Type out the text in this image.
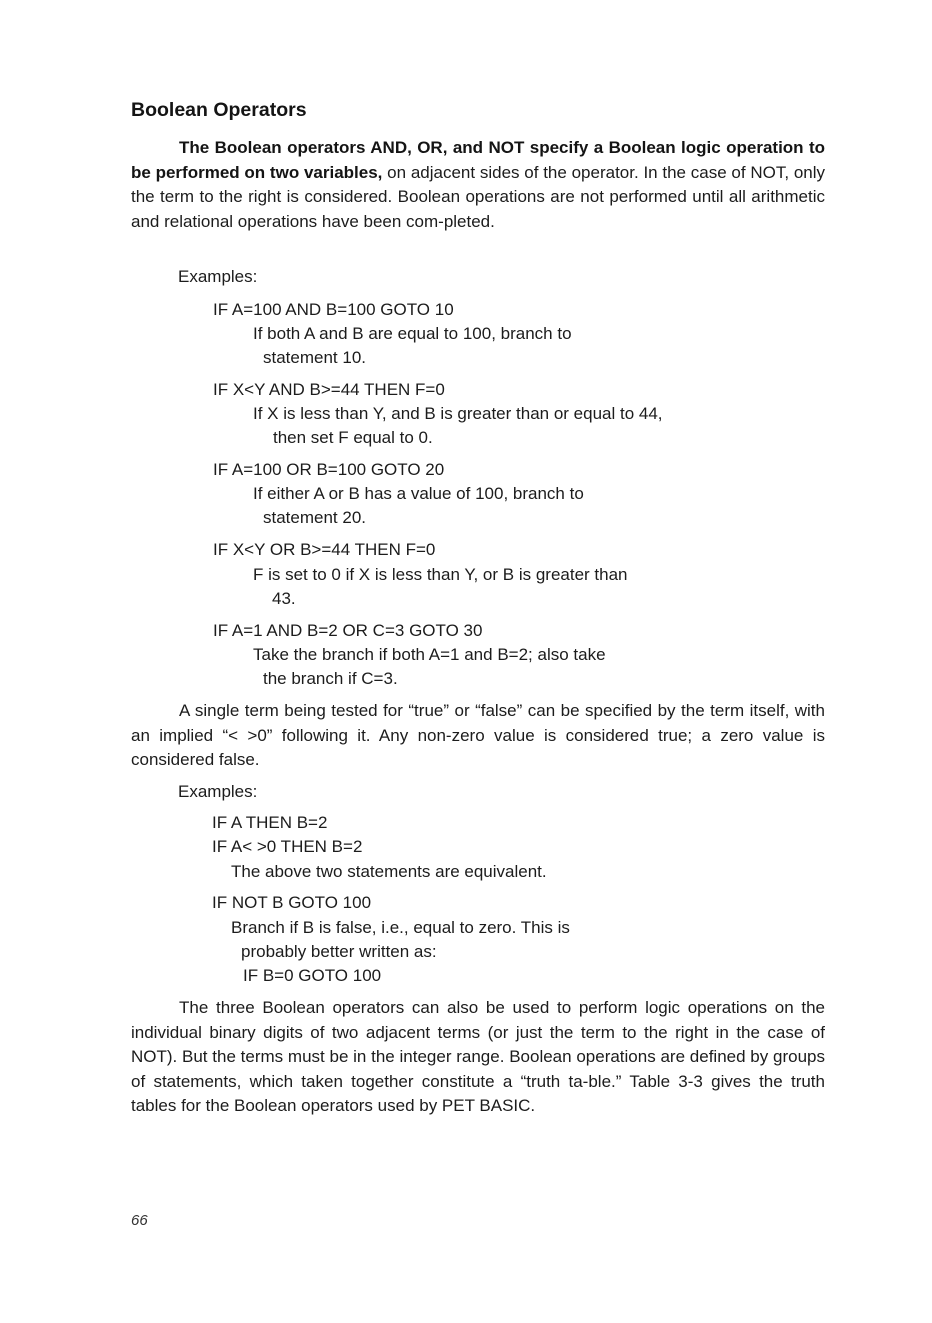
Boolean Operators

The Boolean operators AND, OR, and NOT specify a Boolean logic operation to be performed on two variables, on adjacent sides of the operator. In the case of NOT, only the term to the right is considered. Boolean operations are not performed until all arithmetic and relational operations have been com-pleted.

Examples:

IF A=100 AND B=100 GOTO 10

If both A and B are equal to 100, branch to

statement 10.

IF X<Y AND B>=44 THEN F=0

If X is less than Y, and B is greater than or equal to 44,

then set F equal to 0.

IF A=100 OR B=100 GOTO 20

If either A or B has a value of 100, branch to

statement 20.

IF X<Y OR B>=44 THEN F=0

F is set to 0 if X is less than Y, or B is greater than

43.

IF A=1 AND B=2 OR C=3 GOTO 30

Take the branch if both A=1 and B=2; also take

the branch if C=3.

A single term being tested for “true” or “false” can be specified by the term itself, with an implied “< >0” following it. Any non-zero value is considered true; a zero value is considered false.

Examples:

IF A THEN B=2

IF A< >0 THEN B=2

The above two statements are equivalent.

IF NOT B GOTO 100

Branch if B is false, i.e., equal to zero. This is

probably better written as:

IF B=0 GOTO 100

The three Boolean operators can also be used to perform logic operations on the individual binary digits of two adjacent terms (or just the term to the right in the case of NOT). But the terms must be in the integer range. Boolean operations are defined by groups of statements, which taken together constitute a “truth ta-ble.” Table 3-3 gives the truth tables for the Boolean operators used by PET BASIC.

66
